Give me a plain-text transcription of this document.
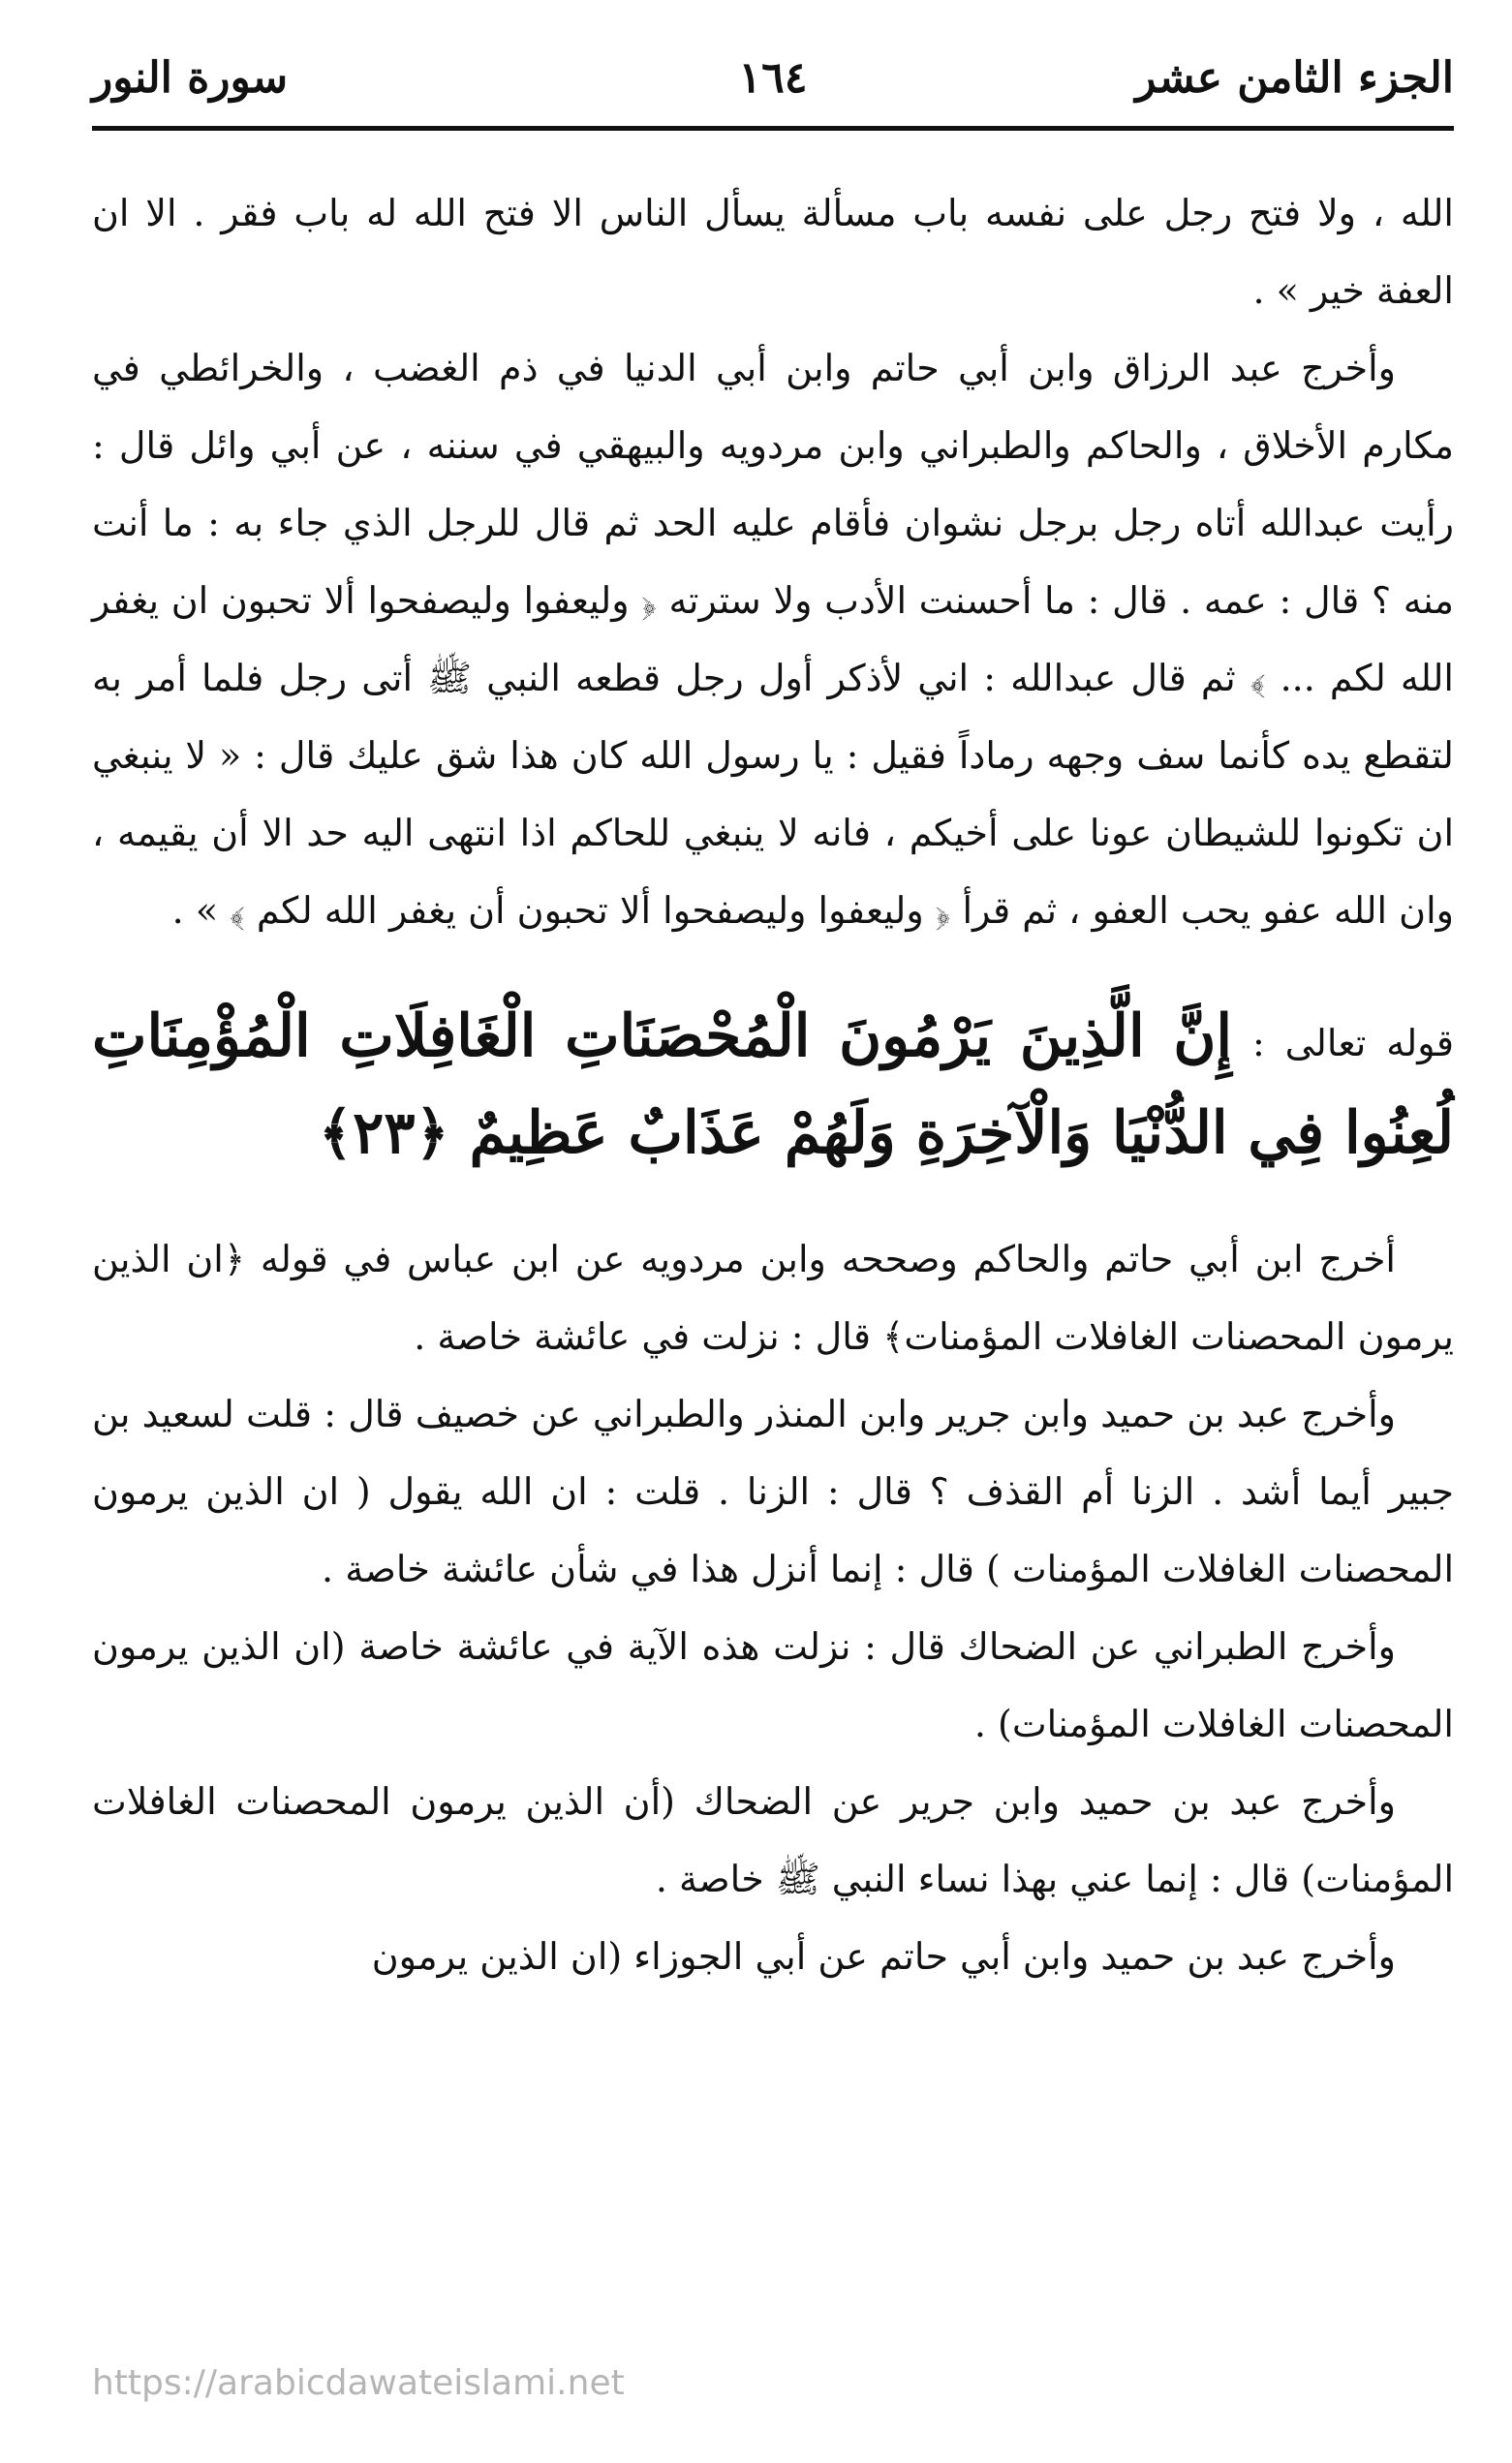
الجزء الثامن عشر
١٦٤
سورة النور

الله ، ولا فتح رجل على نفسه باب مسألة يسأل الناس الا فتح الله له باب فقر . الا ان العفة خير » .

وأخرج عبد الرزاق وابن أبي حاتم وابن أبي الدنيا في ذم الغضب ، والخرائطي في مكارم الأخلاق ، والحاكم والطبراني وابن مردويه والبيهقي في سننه ، عن أبي وائل قال : رأيت عبدالله أتاه رجل برجل نشوان فأقام عليه الحد ثم قال للرجل الذي جاء به : ما أنت منه ؟ قال : عمه . قال : ما أحسنت الأدب ولا سترته ﴿ وليعفوا وليصفحوا ألا تحبون ان يغفر الله لكم ... ﴾ ثم قال عبدالله : اني لأذكر أول رجل قطعه النبي ﷺ أتى رجل فلما أمر به لتقطع يده كأنما سف وجهه رماداً فقيل : يا رسول الله كان هذا شق عليك قال : « لا ينبغي ان تكونوا للشيطان عونا على أخيكم ، فانه لا ينبغي للحاكم اذا انتهى اليه حد الا أن يقيمه ، وان الله عفو يحب العفو ، ثم قرأ ﴿ وليعفوا وليصفحوا ألا تحبون أن يغفر الله لكم ﴾ » .

قوله تعالى : إِنَّ الَّذِينَ يَرْمُونَ الْمُحْصَنَاتِ الْغَافِلَاتِ الْمُؤْمِنَاتِ لُعِنُوا فِي الدُّنْيَا وَالْآخِرَةِ وَلَهُمْ عَذَابٌ عَظِيمٌ ﴿٢٣﴾

أخرج ابن أبي حاتم والحاكم وصححه وابن مردويه عن ابن عباس في قوله ﴿ان الذين يرمون المحصنات الغافلات المؤمنات﴾ قال : نزلت في عائشة خاصة .

وأخرج عبد بن حميد وابن جرير وابن المنذر والطبراني عن خصيف قال : قلت لسعيد بن جبير أيما أشد . الزنا أم القذف ؟ قال : الزنا . قلت : ان الله يقول ( ان الذين يرمون المحصنات الغافلات المؤمنات ) قال : إنما أنزل هذا في شأن عائشة خاصة .

وأخرج الطبراني عن الضحاك قال : نزلت هذه الآية في عائشة خاصة (ان الذين يرمون المحصنات الغافلات المؤمنات) .

وأخرج عبد بن حميد وابن جرير عن الضحاك (أن الذين يرمون المحصنات الغافلات المؤمنات) قال : إنما عني بهذا نساء النبي ﷺ خاصة .

وأخرج عبد بن حميد وابن أبي حاتم عن أبي الجوزاء (ان الذين يرمون

https://arabicdawateislami.net
